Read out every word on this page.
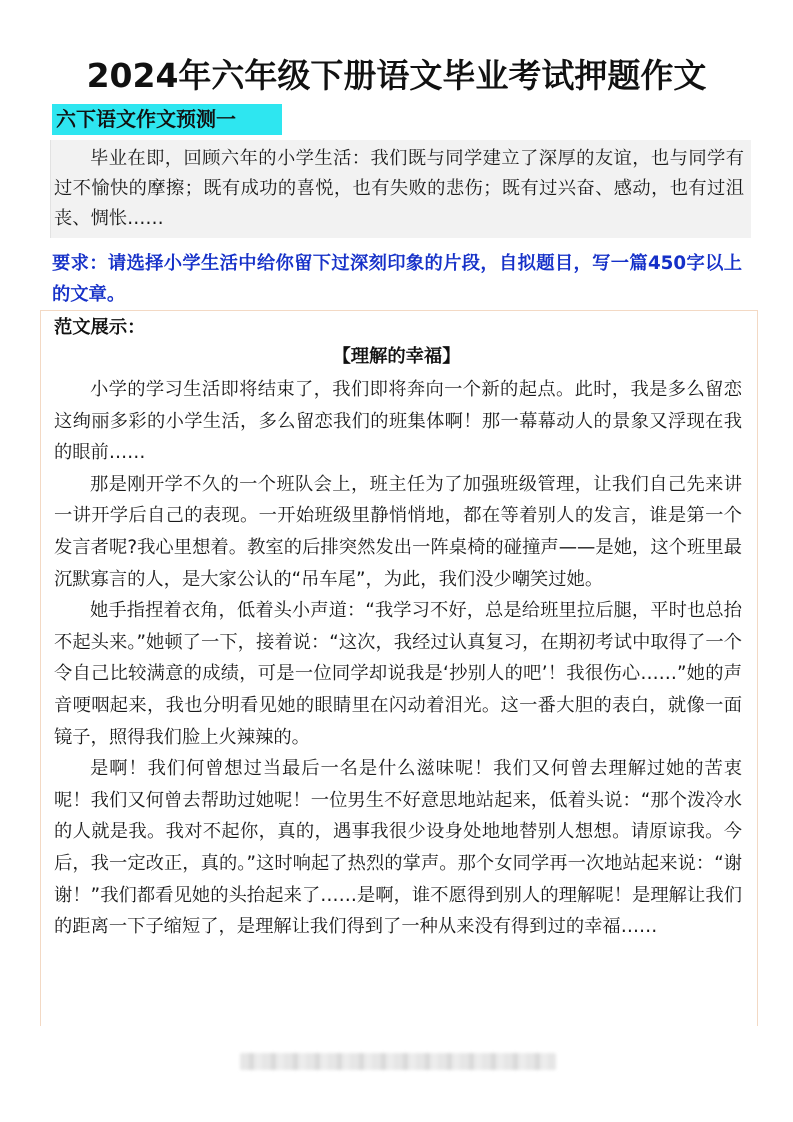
2024年六年级下册语文毕业考试押题作文
六下语文作文预测一

毕业在即，回顾六年的小学生活：我们既与同学建立了深厚的友谊，也与同学有过不愉快的摩擦；既有成功的喜悦，也有失败的悲伤；既有过兴奋、感动，也有过沮丧、惆怅……

要求：请选择小学生活中给你留下过深刻印象的片段，自拟题目，写一篇450字以上的文章。

范文展示：
【理解的幸福】

小学的学习生活即将结束了，我们即将奔向一个新的起点。此时，我是多么留恋这绚丽多彩的小学生活，多么留恋我们的班集体啊！那一幕幕动人的景象又浮现在我的眼前……

那是刚开学不久的一个班队会上，班主任为了加强班级管理，让我们自己先来讲一讲开学后自己的表现。一开始班级里静悄悄地，都在等着别人的发言，谁是第一个发言者呢?我心里想着。教室的后排突然发出一阵桌椅的碰撞声——是她，这个班里最沉默寡言的人，是大家公认的“吊车尾”，为此，我们没少嘲笑过她。

她手指捏着衣角，低着头小声道：“我学习不好，总是给班里拉后腿，平时也总抬不起头来。”她顿了一下，接着说：“这次，我经过认真复习，在期初考试中取得了一个令自己比较满意的成绩，可是一位同学却说我是‘抄别人的吧’！我很伤心……”她的声音哽咽起来，我也分明看见她的眼睛里在闪动着泪光。这一番大胆的表白，就像一面镜子，照得我们脸上火辣辣的。

是啊！我们何曾想过当最后一名是什么滋味呢！我们又何曾去理解过她的苦衷呢！我们又何曾去帮助过她呢！一位男生不好意思地站起来，低着头说：“那个泼冷水的人就是我。我对不起你，真的，遇事我很少设身处地地替别人想想。请原谅我。今后，我一定改正，真的。”这时响起了热烈的掌声。那个女同学再一次地站起来说：“谢谢！”我们都看见她的头抬起来了……是啊，谁不愿得到别人的理解呢！是理解让我们的距离一下子缩短了，是理解让我们得到了一种从来没有得到过的幸福……
